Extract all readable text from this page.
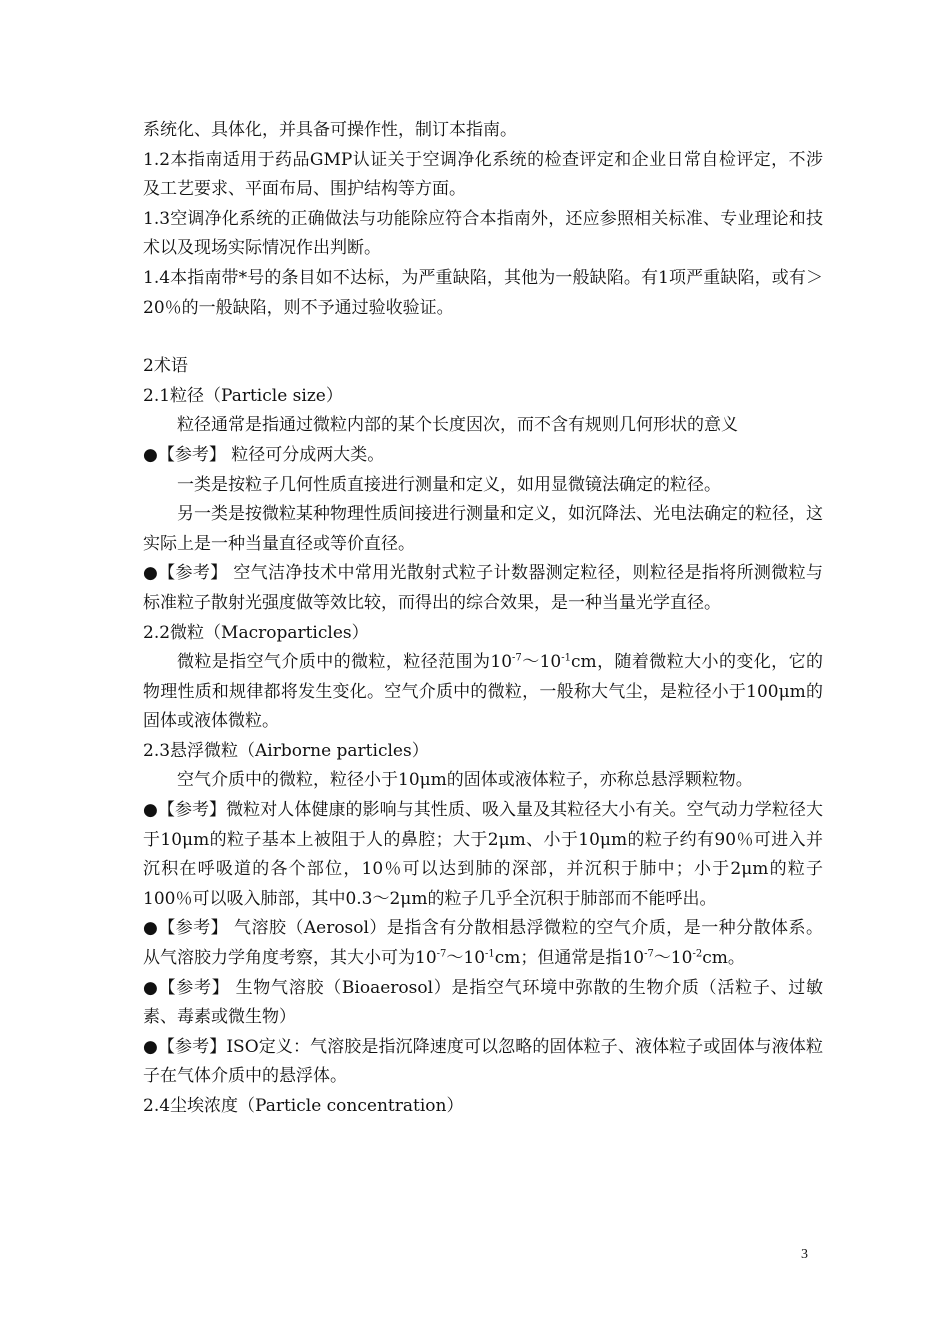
系统化、具体化，并具备可操作性，制订本指南。

1.2本指南适用于药品GMP认证关于空调净化系统的检查评定和企业日常自检评定，不涉及工艺要求、平面布局、围护结构等方面。

1.3空调净化系统的正确做法与功能除应符合本指南外，还应参照相关标准、专业理论和技术以及现场实际情况作出判断。

1.4本指南带*号的条目如不达标，为严重缺陷，其他为一般缺陷。有1项严重缺陷，或有＞20％的一般缺陷，则不予通过验收验证。

2术语

2.1粒径（Particle size）

粒径通常是指通过微粒内部的某个长度因次，而不含有规则几何形状的意义

●【参考】 粒径可分成两大类。

一类是按粒子几何性质直接进行测量和定义，如用显微镜法确定的粒径。

另一类是按微粒某种物理性质间接进行测量和定义，如沉降法、光电法确定的粒径，这实际上是一种当量直径或等价直径。

●【参考】 空气洁净技术中常用光散射式粒子计数器测定粒径，则粒径是指将所测微粒与标准粒子散射光强度做等效比较，而得出的综合效果，是一种当量光学直径。

2.2微粒（Macroparticles）

微粒是指空气介质中的微粒，粒径范围为$10^{-7}\sim 10^{-1}cm$，随着微粒大小的变化，它的物理性质和规律都将发生变化。空气介质中的微粒，一般称大气尘，是粒径小于100μm的固体或液体微粒。

2.3悬浮微粒（Airborne particles）

空气介质中的微粒，粒径小于10μm的固体或液体粒子，亦称总悬浮颗粒物。

●【参考】微粒对人体健康的影响与其性质、吸入量及其粒径大小有关。空气动力学粒径大于10μm的粒子基本上被阻于人的鼻腔；大于2μm、小于10μm的粒子约有90％可进入并沉积在呼吸道的各个部位，10％可以达到肺的深部，并沉积于肺中；小于2μm的粒子100％可以吸入肺部，其中0.3～2μm的粒子几乎全沉积于肺部而不能呼出。

●【参考】 气溶胶（Aerosol）是指含有分散相悬浮微粒的空气介质，是一种分散体系。从气溶胶力学角度考察，其大小可为$10^{-7}\sim 10^{-1}cm$；但通常是指$10^{-7}\sim 10^{-2}cm$。

●【参考】 生物气溶胶（Bioaerosol）是指空气环境中弥散的生物介质（活粒子、过敏素、毒素或微生物）

●【参考】ISO定义：气溶胶是指沉降速度可以忽略的固体粒子、液体粒子或固体与液体粒子在气体介质中的悬浮体。

2.4尘埃浓度（Particle concentration）

3
